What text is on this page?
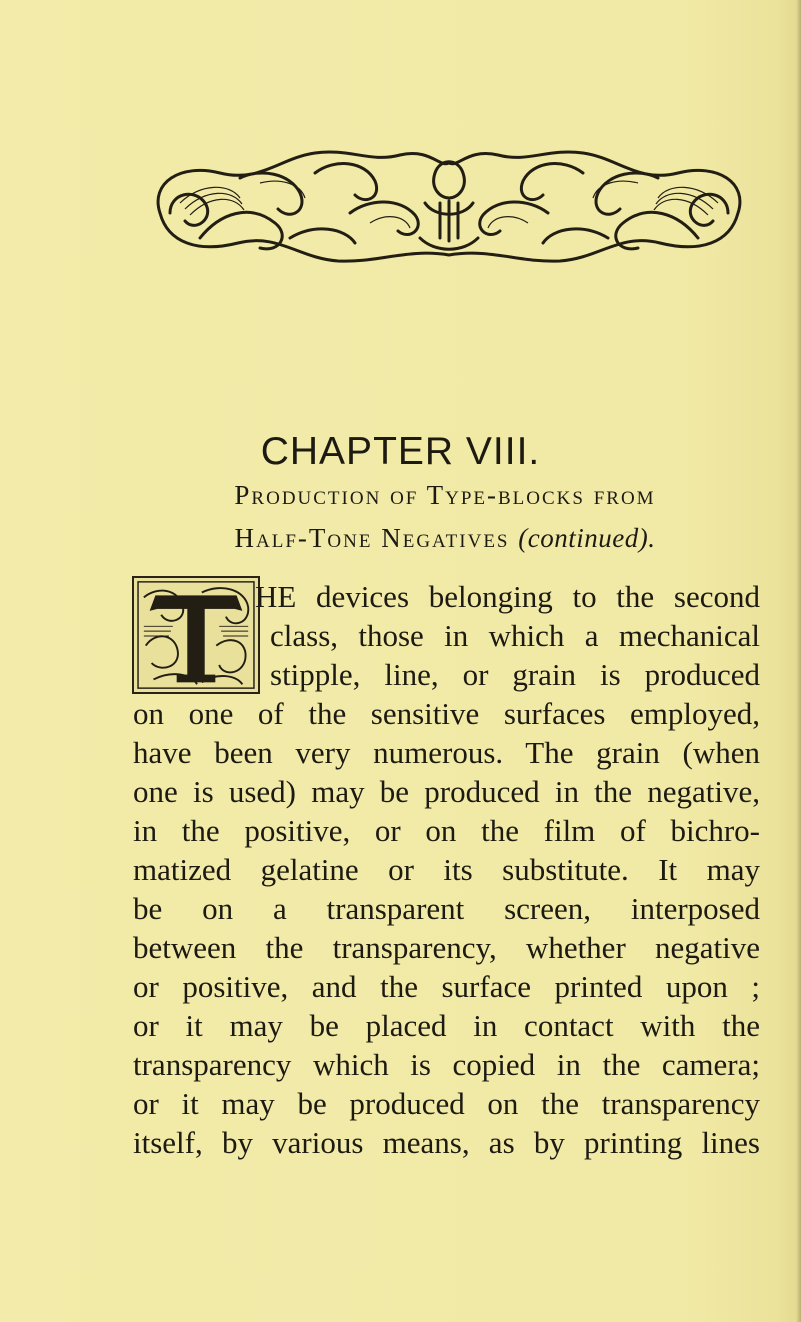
CHAPTER VIII.
Production of Type-blocks from
Half-Tone Negatives (continued).

HE devices belonging to the second

class, those in which a mechanical

stipple, line, or grain is produced

on one of the sensitive surfaces employed,

have been very numerous. The grain (when

one is used) may be produced in the negative,

in the positive, or on the film of bichro-

matized gelatine or its substitute. It may

be on a transparent screen, interposed

between the transparency, whether negative

or positive, and the surface printed upon ;

or it may be placed in contact with the

transparency which is copied in the camera;

or it may be produced on the transparency

itself, by various means, as by printing lines
